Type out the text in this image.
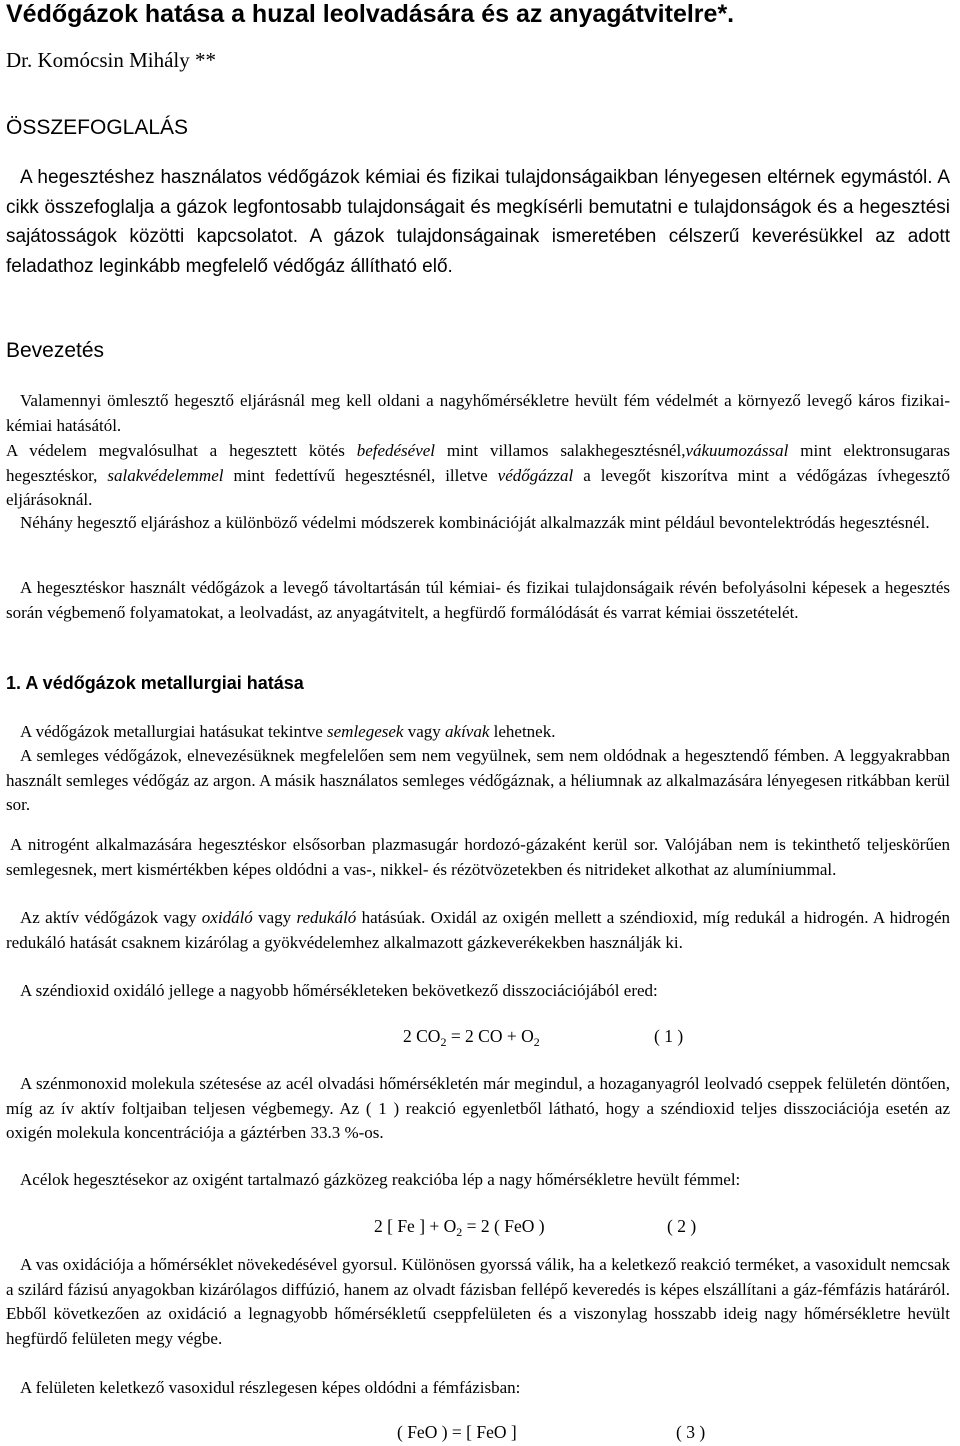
Védőgázok hatása a huzal leolvadására és az anyagátvitelre*.
Dr. Komócsin Mihály **
ÖSSZEFOGLALÁS

A hegesztéshez használatos védőgázok kémiai és fizikai tulajdonságaikban lényegesen eltérnek egymástól. A cikk összefoglalja a gázok legfontosabb tulajdonságait és megkísérli bemutatni e tulajdonságok és a hegesztési sajátosságok közötti kapcsolatot. A gázok tulajdonságainak ismeretében célszerű keverésükkel az adott feladathoz leginkább megfelelő védőgáz állítható elő.

Bevezetés

Valamennyi ömlesztő hegesztő eljárásnál meg kell oldani a nagyhőmérsékletre hevült fém védelmét a környező levegő káros fizikai-kémiai hatásától.

A védelem megvalósulhat a hegesztett kötés befedésével mint villamos salakhegesztésnél,vákuumozással mint elektronsugaras hegesztéskor, salakvédelemmel mint fedettívű hegesztésnél, illetve védőgázzal a levegőt kiszorítva mint a védőgázas ívhegesztő eljárásoknál.

Néhány hegesztő eljáráshoz a különböző védelmi módszerek kombinációját alkalmazzák mint például bevontelektródás hegesztésnél.

A hegesztéskor használt védőgázok a levegő távoltartásán túl kémiai- és fizikai tulajdonságaik révén befolyásolni képesek a hegesztés során végbemenő folyamatokat, a leolvadást, az anyagátvitelt, a hegfürdő formálódását és varrat kémiai összetételét.

1. A védőgázok metallurgiai hatása

A védőgázok metallurgiai hatásukat tekintve semlegesek vagy akívak lehetnek.

A semleges védőgázok, elnevezésüknek megfelelően sem nem vegyülnek, sem nem oldódnak a hegesztendő fémben. A leggyakrabban használt semleges védőgáz az argon. A másik használatos semleges védőgáznak, a héliumnak az alkalmazására lényegesen ritkábban kerül sor.

A nitrogént alkalmazására hegesztéskor elsősorban plazmasugár hordozó-gázaként kerül sor. Valójában nem is tekinthető teljeskörűen semlegesnek, mert kismértékben képes oldódni a vas-, nikkel- és rézötvözetekben és nitrideket alkothat az alumíniummal.

Az aktív védőgázok vagy oxidáló vagy redukáló hatásúak. Oxidál az oxigén mellett a széndioxid, míg redukál a hidrogén. A hidrogén redukáló hatását csaknem kizárólag a gyökvédelemhez alkalmazott gázkeverékekben használják ki.

A széndioxid oxidáló jellege a nagyobb hőmérsékleteken bekövetkező disszociációjából ered:

2 $CO_2 = 2$ CO + $O_2$	( 1 )

A szénmonoxid molekula szétesése az acél olvadási hőmérsékletén már megindul, a hozaganyagról leolvadó cseppek felületén döntően, míg az ív aktív foltjaiban teljesen végbemegy. Az ( 1 ) reakció egyenletből látható, hogy a széndioxid teljes disszociációja esetén az oxigén molekula koncentrációja a gáztérben 33.3 %-os.

Acélok hegesztésekor az oxigént tartalmazó gázközeg reakcióba lép a nagy hőmérsékletre hevült fémmel:

2 [ Fe ] + $O_2 = 2$ ( FeO )	( 2 )

A vas oxidációja a hőmérséklet növekedésével gyorsul. Különösen gyorssá válik, ha a keletkező reakció terméket, a vasoxidult nemcsak a szilárd fázisú anyagokban kizárólagos diffúzió, hanem az olvadt fázisban fellépő keveredés is képes elszállítani a gáz-fémfázis határáról. Ebből következően az oxidáció a legnagyobb hőmérsékletű cseppfelületen és a viszonylag hosszabb ideig nagy hőmérsékletre hevült hegfürdő felületen megy végbe.

A felületen keletkező vasoxidul részlegesen képes oldódni a fémfázisban:

( FeO ) = [ FeO ]	( 3 )
